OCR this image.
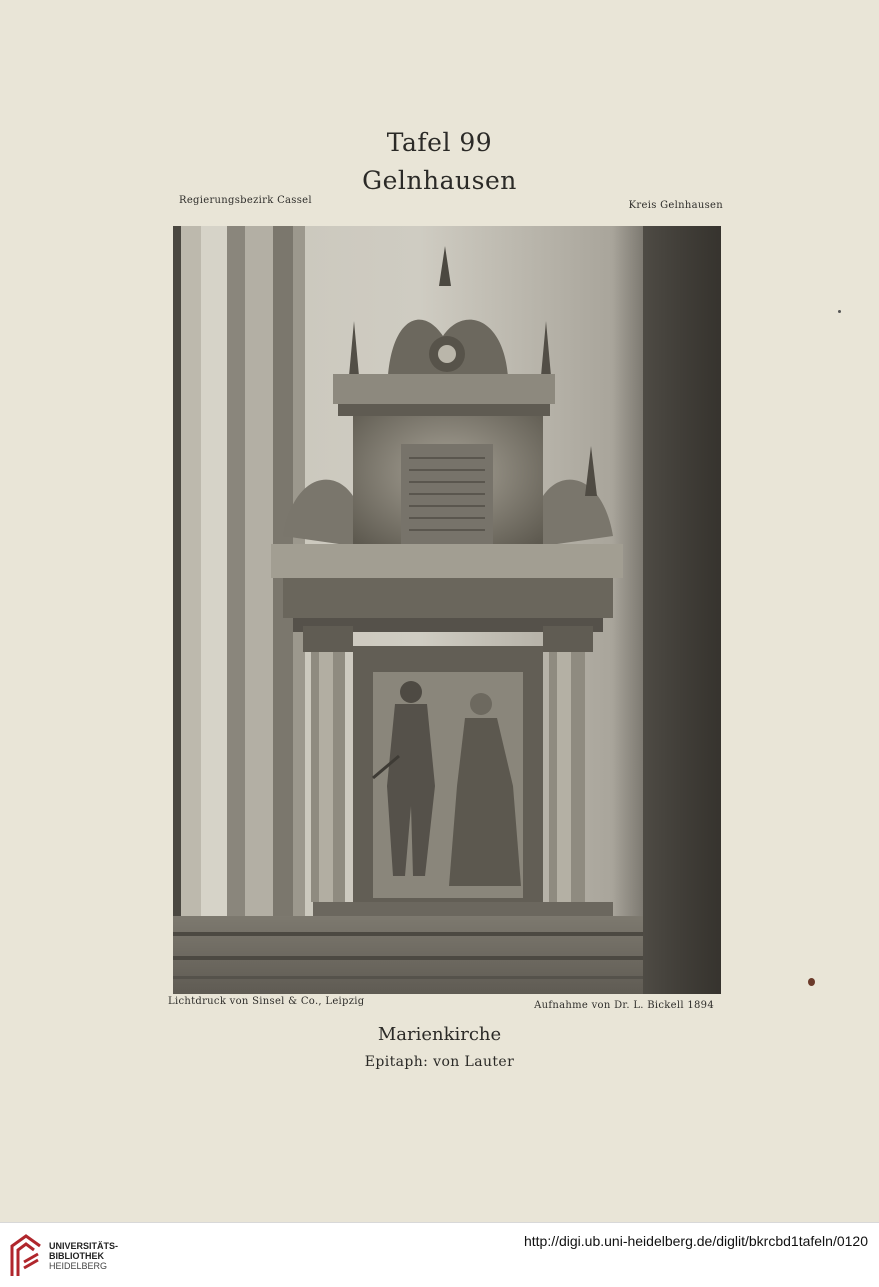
Tafel 99
Gelnhausen
Regierungsbezirk Cassel	Kreis Gelnhausen
Lichtdruck von Sinsel & Co., Leipzig	Aufnahme von Dr. L. Bickell 1894
Marienkirche
Epitaph: von Lauter
UNIVERSITÄTS-
BIBLIOTHEK
HEIDELBERG
http://digi.ub.uni-heidelberg.de/diglit/bkrcbd1tafeln/0120
